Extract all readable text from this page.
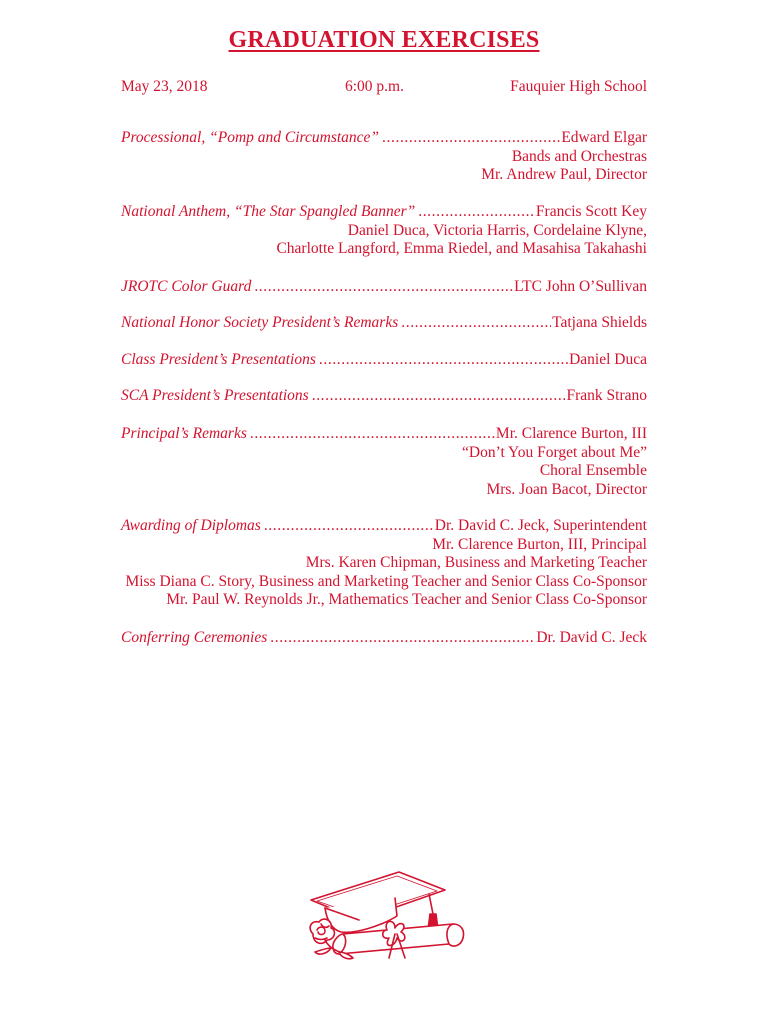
GRADUATION EXERCISES
May 23, 2018	6:00 p.m.	Fauquier High School
Processional, “Pomp and Circumstance” .....	Edward Elgar
Bands and Orchestras
Mr. Andrew Paul, Director
National Anthem, “The Star Spangled Banner” .....	Francis Scott Key
Daniel Duca, Victoria Harris, Cordelaine Klyne,
Charlotte Langford, Emma Riedel, and Masahisa Takahashi
JROTC Color Guard .....	LTC John O’Sullivan
National Honor Society President’s Remarks .....	Tatjana Shields
Class President’s Presentations .....	Daniel Duca
SCA President’s Presentations .....	Frank Strano
Principal’s Remarks .....	Mr. Clarence Burton, III
“Don’t You Forget about Me”
Choral Ensemble
Mrs. Joan Bacot, Director
Awarding of Diplomas .....	Dr. David C. Jeck, Superintendent
Mr. Clarence Burton, III, Principal
Mrs. Karen Chipman, Business and Marketing Teacher
Miss Diana C. Story, Business and Marketing Teacher and Senior Class Co-Sponsor
Mr. Paul W. Reynolds Jr., Mathematics Teacher and Senior Class Co-Sponsor
Conferring Ceremonies .....	Dr. David C. Jeck
